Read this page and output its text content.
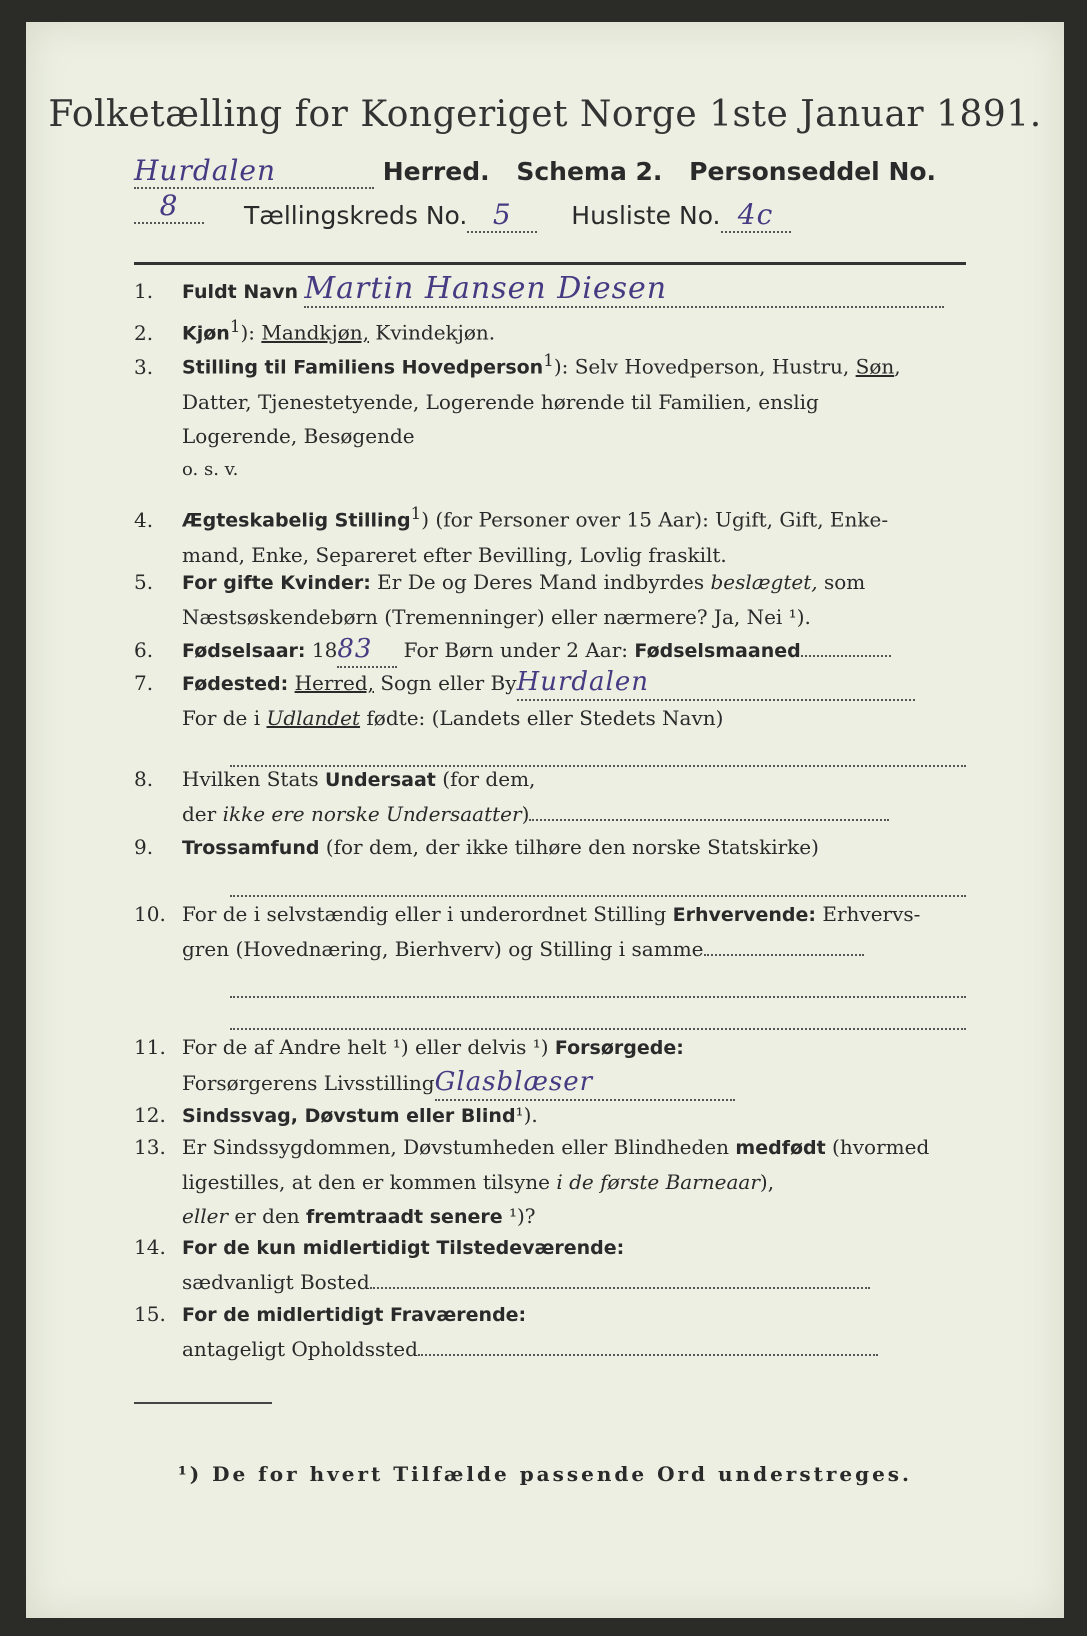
Folketælling for Kongeriget Norge 1ste Januar 1891.
Hurdalen	Herred. Schema 2. Personseddel No. 8	Tællingskreds No. 5 Husliste No. 4c
1. Fuldt Navn Martin Hansen Diesen
2. Kjøn$^1$): Mandkjøn, Kvindekjøn.
3. Stilling til Familiens Hovedperson$^1$): Selv Hovedperson, Hustru, Søn,
Datter, Tjenestetyende, Logerende hørende til Familien, enslig
Logerende, Besøgende
o. s. v.
4. Ægteskabelig Stilling$^1$) (for Personer over 15 Aar): Ugift, Gift, Enke-
mand, Enke, Separeret efter Bevilling, Lovlig fraskilt.
5. For gifte Kvinder: Er De og Deres Mand indbyrdes beslægtet, som
Næstsøskendebørn (Tremenninger) eller nærmere? Ja, Nei ¹).
6. Fødselsaar: 1883 For Børn under 2 Aar: Fødselsmaaned
7. Fødested: Herred, Sogn eller ByHurdalen
For de i Udlandet fødte: (Landets eller Stedets Navn)
8. Hvilken Stats Undersaat (for dem,
der ikke ere norske Undersaatter)
9. Trossamfund (for dem, der ikke tilhøre den norske Statskirke)
10. For de i selvstændig eller i underordnet Stilling Erhvervende: Erhvervs-
gren (Hovednæring, Bierhverv) og Stilling i samme
11. For de af Andre helt ¹) eller delvis ¹) Forsørgede:
Forsørgerens LivsstillingGlasblæser
12. Sindssvag, Døvstum eller Blind¹).
13. Er Sindssygdommen, Døvstumheden eller Blindheden medfødt (hvormed
ligestilles, at den er kommen tilsyne i de første Barneaar),
eller er den fremtraadt senere ¹)?
14. For de kun midlertidigt Tilstedeværende:
sædvanligt Bosted
15. For de midlertidigt Fraværende:
antageligt Opholdssted
¹) De for hvert Tilfælde passende Ord understreges.
